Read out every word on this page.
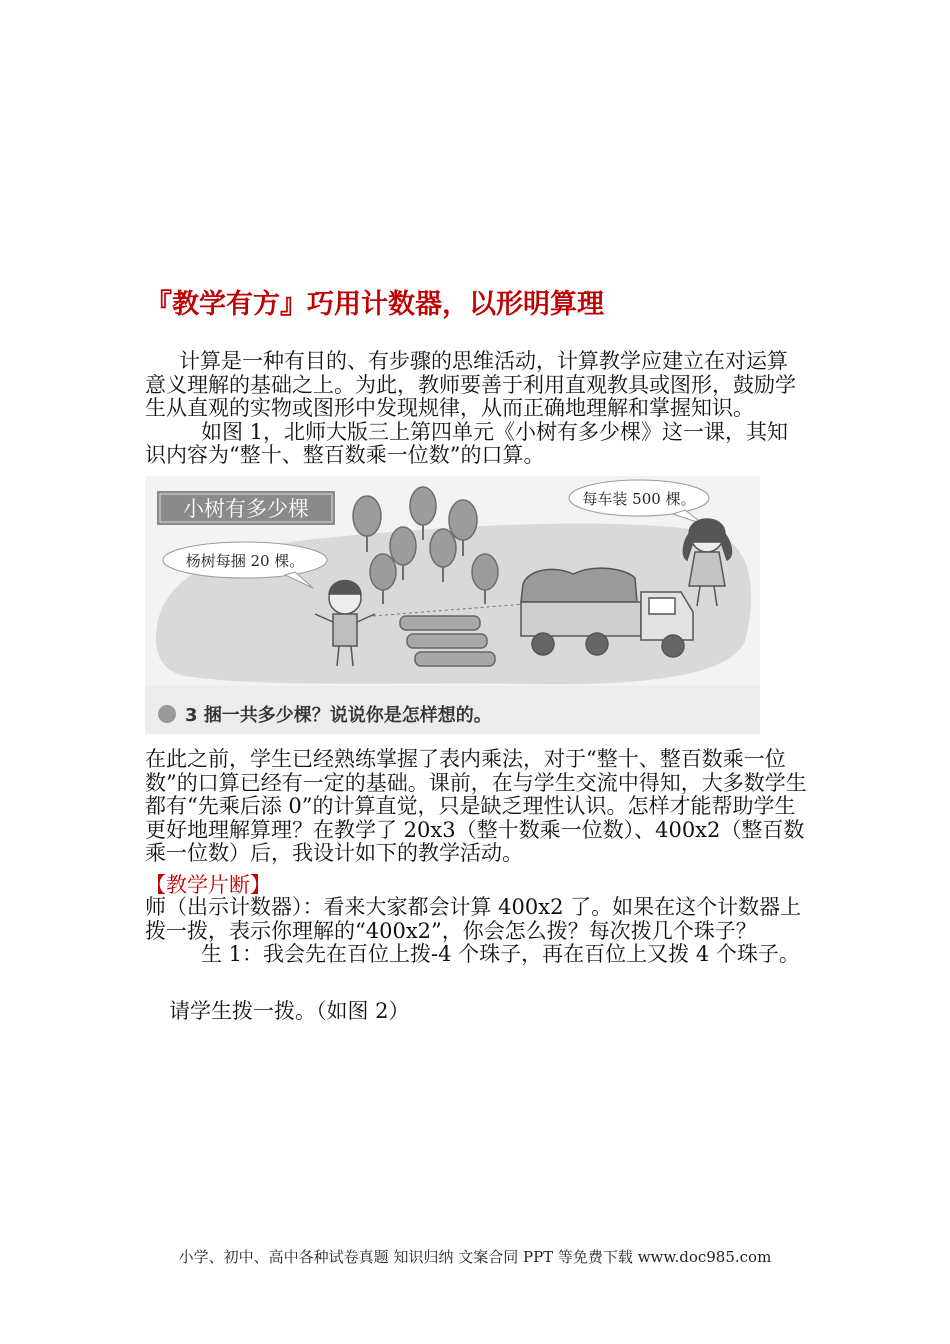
『教学有方』巧用计数器，以形明算理

计算是一种有目的、有步骤的思维活动，计算教学应建立在对运算意义理解的基础之上。为此，教师要善于利用直观教具或图形，鼓励学生从直观的实物或图形中发现规律，从而正确地理解和掌握知识。如图 1，北师大版三上第四单元《小树有多少棵》这一课，其知识内容为“整十、整百数乘一位数”的口算。

小树有多少棵
杨树每捆 20 棵。
每车装 500 棵。
3 捆一共多少棵？说说你是怎样想的。

在此之前，学生已经熟练掌握了表内乘法，对于“整十、整百数乘一位数”的口算已经有一定的基础。课前，在与学生交流中得知，大多数学生都有“先乘后添 0”的计算直觉，只是缺乏理性认识。怎样才能帮助学生更好地理解算理？在教学了 20x3（整十数乘一位数）、400x2（整百数乘一位数）后，我设计如下的教学活动。

【教学片断】

师（出示计数器）：看来大家都会计算 400x2 了。如果在这个计数器上拨一拨，表示你理解的“400x2”，你会怎么拨？每次拨几个珠子？生 1：我会先在百位上拨-4 个珠子，再在百位上又拨 4 个珠子。

请学生拨一拨。（如图 2）

小学、初中、高中各种试卷真题 知识归纳 文案合同 PPT 等免费下载 www.doc985.com
